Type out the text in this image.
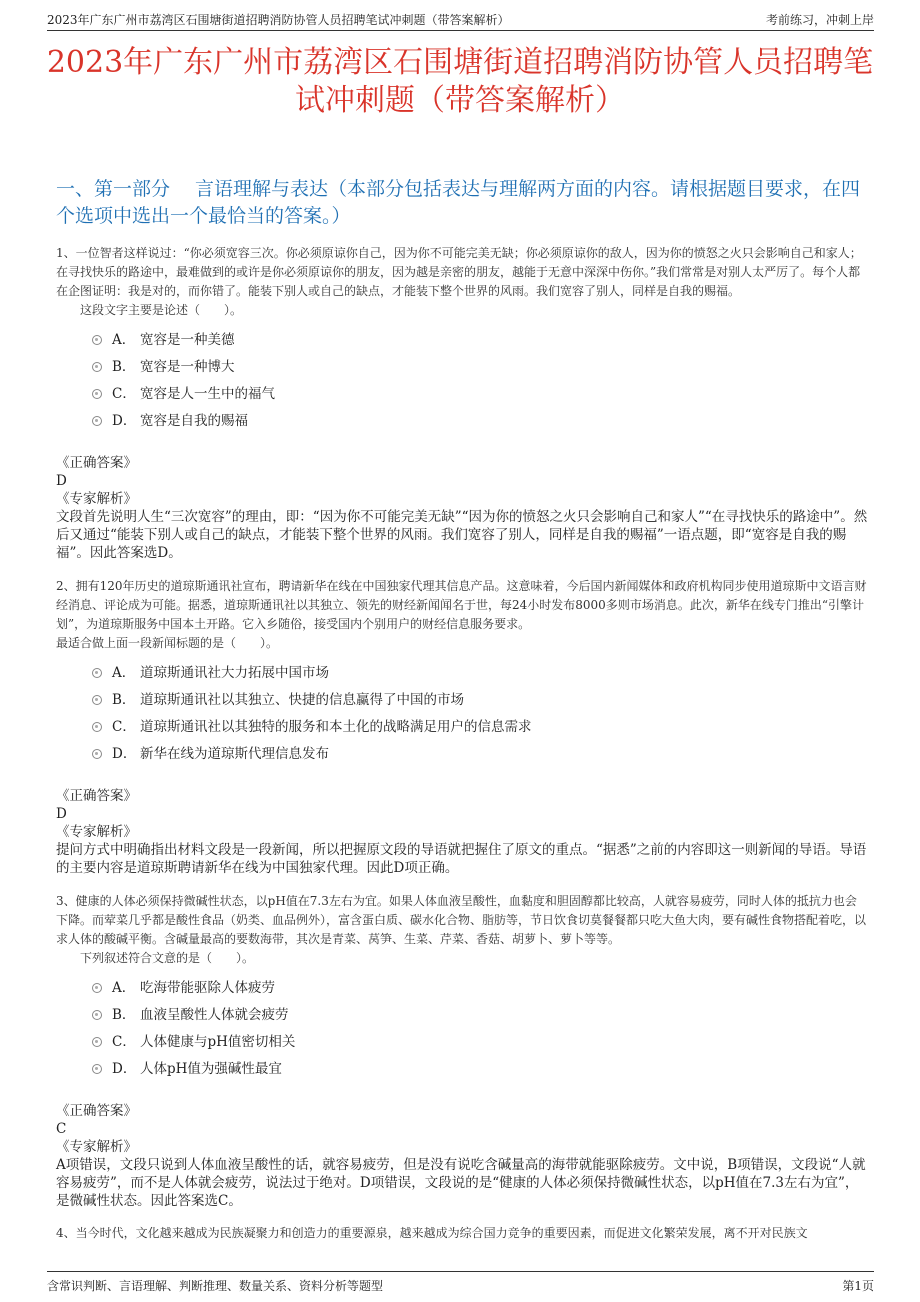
2023年广东广州市荔湾区石围塘街道招聘消防协管人员招聘笔试冲刺题（带答案解析）	考前练习，冲刺上岸
2023年广东广州市荔湾区石围塘街道招聘消防协管人员招聘笔试冲刺题（带答案解析）
一、第一部分　 言语理解与表达（本部分包括表达与理解两方面的内容。请根据题目要求，在四个选项中选出一个最恰当的答案。）

1、一位智者这样说过：“你必须宽容三次。你必须原谅你自己，因为你不可能完美无缺；你必须原谅你的敌人，因为你的愤怒之火只会影响自己和家人；在寻找快乐的路途中，最难做到的或许是你必须原谅你的朋友，因为越是亲密的朋友，越能于无意中深深中伤你。”我们常常是对别人太严厉了。每个人都在企图证明：我是对的，而你错了。能装下别人或自己的缺点，才能装下整个世界的风雨。我们宽容了别人，同样是自我的赐福。

这段文字主要是论述（　　）。

A． 宽容是一种美德
B． 宽容是一种博大
C． 宽容是人一生中的福气
D． 宽容是自我的赐福

《正确答案》

D

《专家解析》

文段首先说明人生“三次宽容”的理由，即：“因为你不可能完美无缺”“因为你的愤怒之火只会影响自己和家人”“在寻找快乐的路途中”。然后又通过“能装下别人或自己的缺点，才能装下整个世界的风雨。我们宽容了别人，同样是自我的赐福”一语点题，即“宽容是自我的赐福”。因此答案选D。

2、拥有120年历史的道琼斯通讯社宣布，聘请新华在线在中国独家代理其信息产品。这意味着，今后国内新闻媒体和政府机构同步使用道琼斯中文语言财经消息、评论成为可能。据悉，道琼斯通讯社以其独立、领先的财经新闻闻名于世，每24小时发布8000多则市场消息。此次，新华在线专门推出“引擎计划”，为道琼斯服务中国本土开路。它入乡随俗，接受国内个别用户的财经信息服务要求。

最适合做上面一段新闻标题的是（　　）。

A． 道琼斯通讯社大力拓展中国市场
B． 道琼斯通讯社以其独立、快捷的信息赢得了中国的市场
C． 道琼斯通讯社以其独特的服务和本土化的战略满足用户的信息需求
D． 新华在线为道琼斯代理信息发布

《正确答案》

D

《专家解析》

提问方式中明确指出材料文段是一段新闻，所以把握原文段的导语就把握住了原文的重点。“据悉”之前的内容即这一则新闻的导语。导语的主要内容是道琼斯聘请新华在线为中国独家代理。因此D项正确。

3、健康的人体必须保持微碱性状态，以pH值在7.3左右为宜。如果人体血液呈酸性，血黏度和胆固醇都比较高，人就容易疲劳，同时人体的抵抗力也会下降。而荤菜几乎都是酸性食品（奶类、血品例外），富含蛋白质、碳水化合物、脂肪等，节日饮食切莫餐餐都只吃大鱼大肉，要有碱性食物搭配着吃，以求人体的酸碱平衡。含碱量最高的要数海带，其次是青菜、莴笋、生菜、芹菜、香菇、胡萝卜、萝卜等等。

下列叙述符合文意的是（　　）。

A． 吃海带能驱除人体疲劳
B． 血液呈酸性人体就会疲劳
C． 人体健康与pH值密切相关
D． 人体pH值为强碱性最宜

《正确答案》

C

《专家解析》

A项错误，文段只说到人体血液呈酸性的话，就容易疲劳，但是没有说吃含碱量高的海带就能驱除疲劳。文中说，B项错误，文段说“人就容易疲劳”，而不是人体就会疲劳，说法过于绝对。D项错误，文段说的是“健康的人体必须保持微碱性状态，以pH值在7.3左右为宜”，是微碱性状态。因此答案选C。

4、当今时代，文化越来越成为民族凝聚力和创造力的重要源泉，越来越成为综合国力竞争的重要因素，而促进文化繁荣发展，离不开对民族文

含常识判断、言语理解、判断推理、数量关系、资料分析等题型	第1页
